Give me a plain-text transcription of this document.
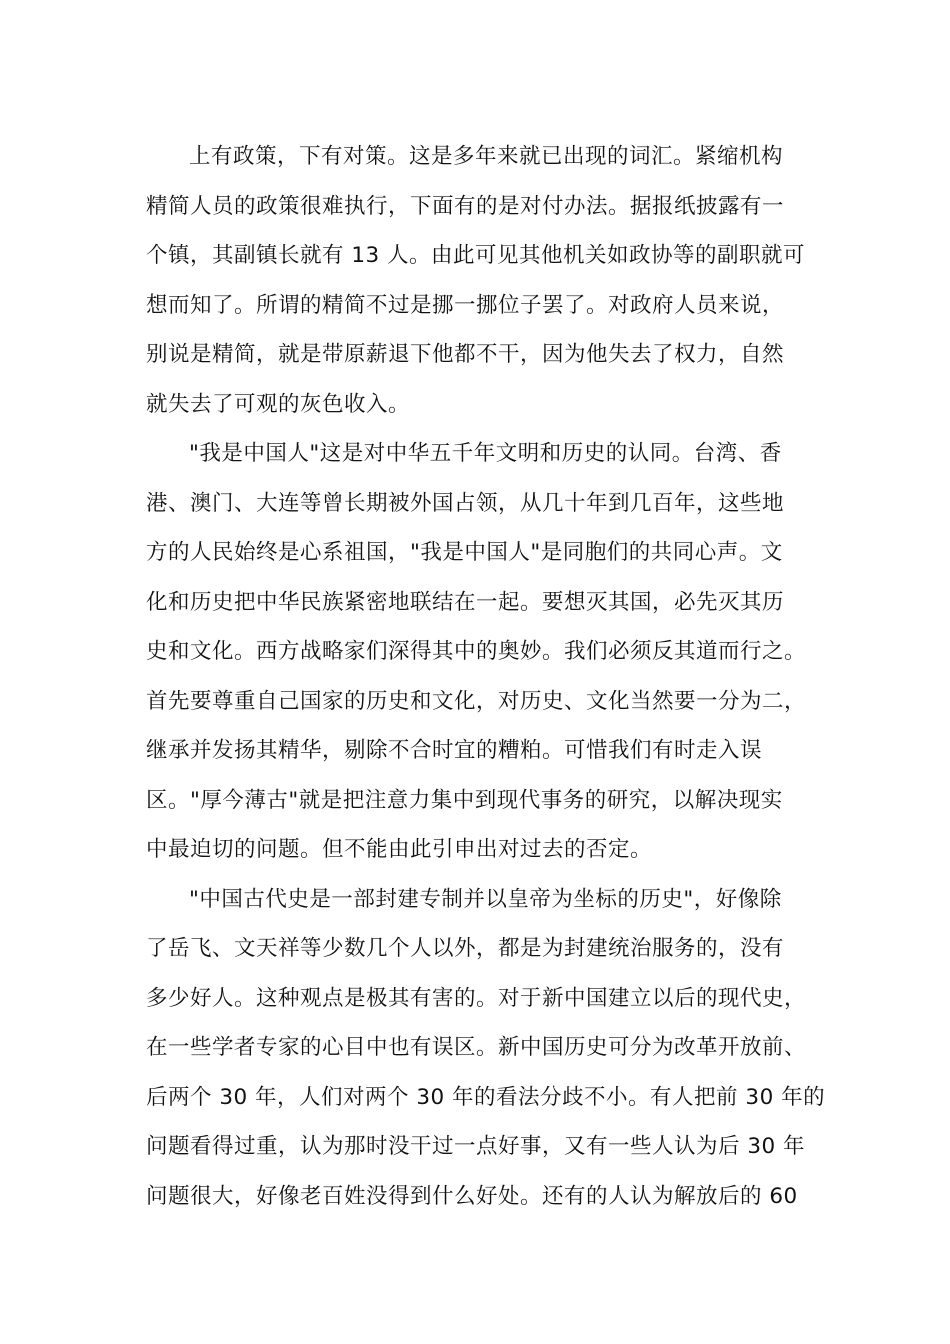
上有政策，下有对策。这是多年来就已出现的词汇。紧缩机构
精简人员的政策很难执行，下面有的是对付办法。据报纸披露有一
个镇，其副镇长就有 13 人。由此可见其他机关如政协等的副职就可
想而知了。所谓的精简不过是挪一挪位子罢了。对政府人员来说，
别说是精简，就是带原薪退下他都不干，因为他失去了权力，自然
就失去了可观的灰色收入。
"我是中国人"这是对中华五千年文明和历史的认同。台湾、香
港、澳门、大连等曾长期被外国占领，从几十年到几百年，这些地
方的人民始终是心系祖国，"我是中国人"是同胞们的共同心声。文
化和历史把中华民族紧密地联结在一起。要想灭其国，必先灭其历
史和文化。西方战略家们深得其中的奥妙。我们必须反其道而行之。
首先要尊重自己国家的历史和文化，对历史、文化当然要一分为二，
继承并发扬其精华，剔除不合时宜的糟粕。可惜我们有时走入误
区。"厚今薄古"就是把注意力集中到现代事务的研究，以解决现实
中最迫切的问题。但不能由此引申出对过去的否定。
"中国古代史是一部封建专制并以皇帝为坐标的历史"，好像除
了岳飞、文天祥等少数几个人以外，都是为封建统治服务的，没有
多少好人。这种观点是极其有害的。对于新中国建立以后的现代史，
在一些学者专家的心目中也有误区。新中国历史可分为改革开放前、
后两个 30 年，人们对两个 30 年的看法分歧不小。有人把前 30 年的
问题看得过重，认为那时没干过一点好事，又有一些人认为后 30 年
问题很大，好像老百姓没得到什么好处。还有的人认为解放后的 60
